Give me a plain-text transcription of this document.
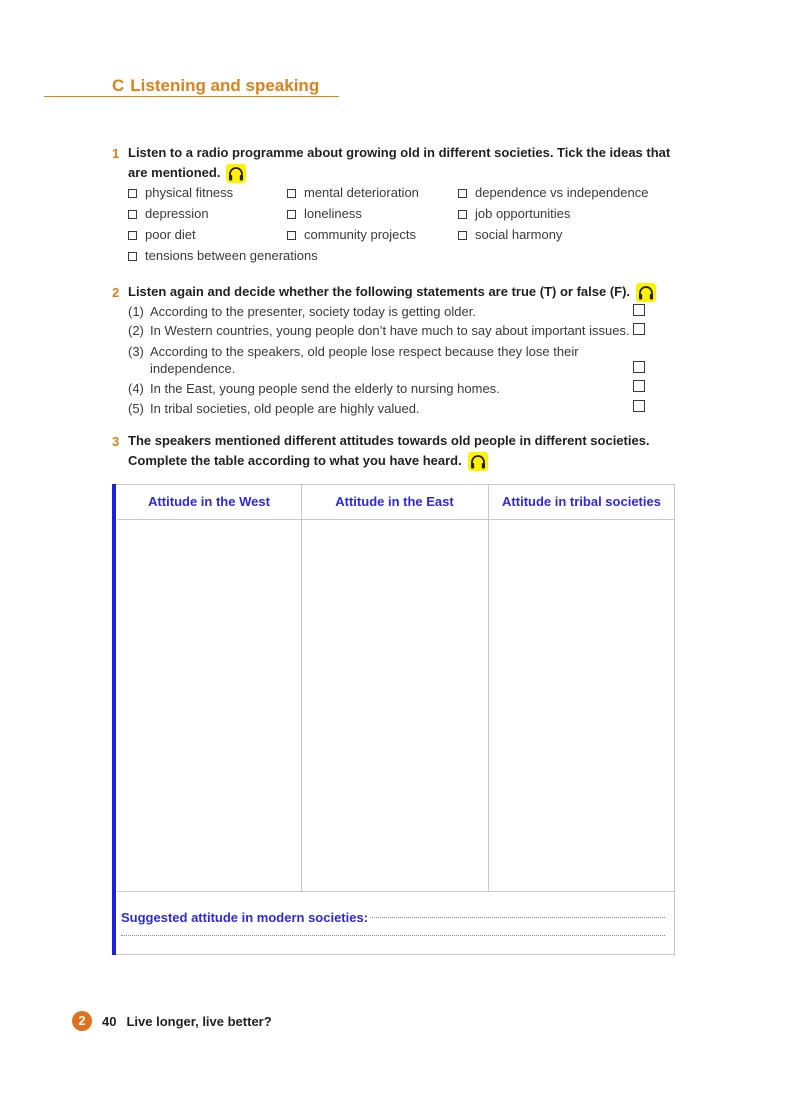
C Listening and speaking
1 Listen to a radio programme about growing old in different societies. Tick the ideas that
are mentioned.
physical fitness	mental deterioration	dependence vs independence
depression	loneliness	job opportunities
poor diet	community projects	social harmony
tensions between generations
2 Listen again and decide whether the following statements are true (T) or false (F).
(1) According to the presenter, society today is getting older.
(2) In Western countries, young people don’t have much to say about important issues.
(3) According to the speakers, old people lose respect because they lose their
independence.
(4) In the East, young people send the elderly to nursing homes.
(5) In tribal societies, old people are highly valued.
3 The speakers mentioned different attitudes towards old people in different societies.
Complete the table according to what you have heard.
Attitude in the West	Attitude in the East	Attitude in tribal societies
Suggested attitude in modern societies:
2	40 Live longer, live better?
